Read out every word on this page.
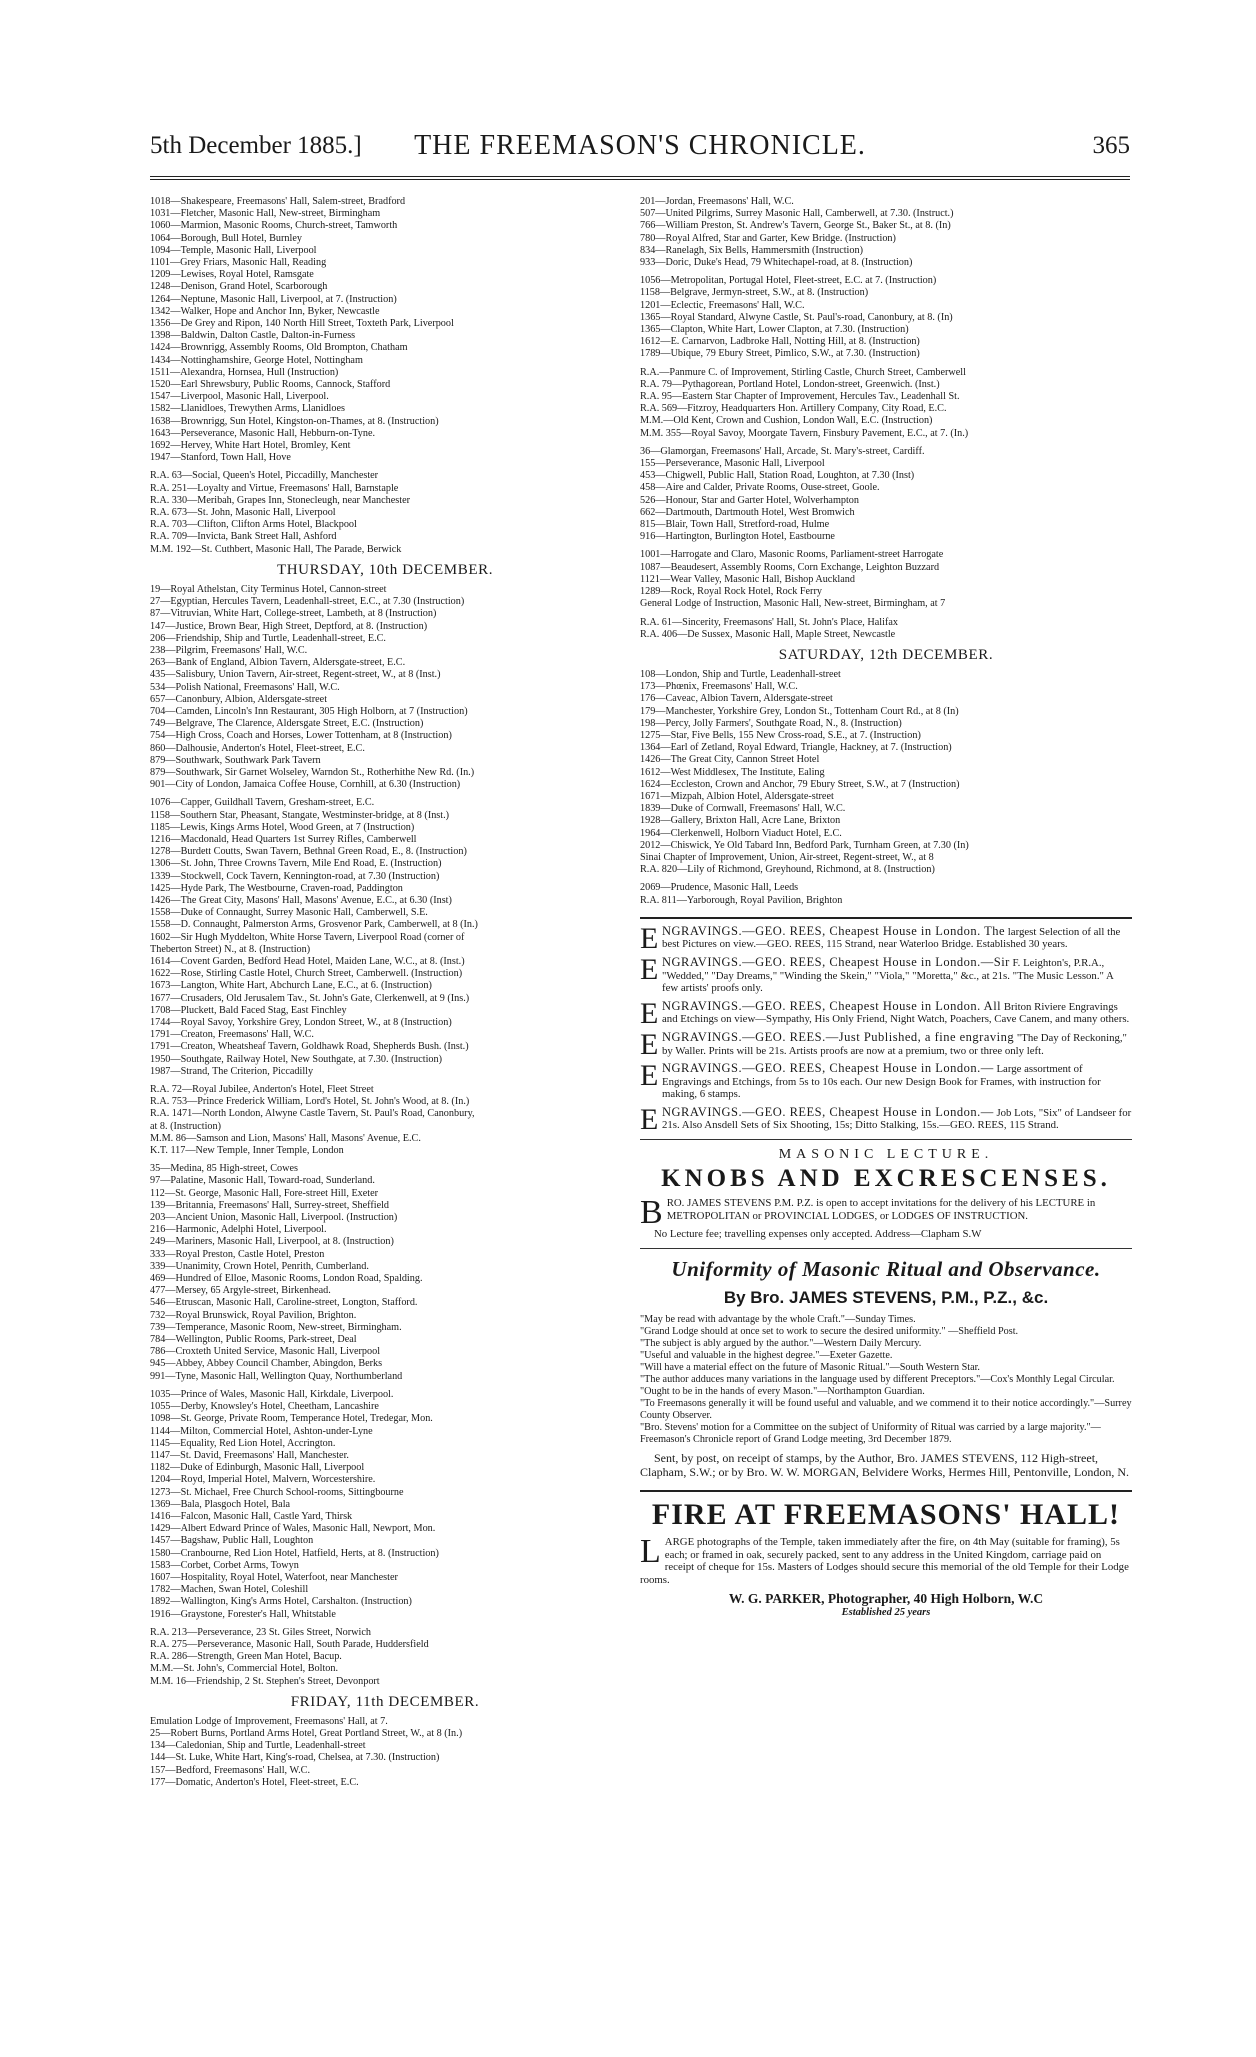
5th December 1885.]	THE FREEMASON'S CHRONICLE.	365
1018—Shakespeare, Freemasons' Hall, Salem-street, Bradford
1031—Fletcher, Masonic Hall, New-street, Birmingham
1060—Marmion, Masonic Rooms, Church-street, Tamworth
1064—Borough, Bull Hotel, Burnley
1094—Temple, Masonic Hall, Liverpool
1101—Grey Friars, Masonic Hall, Reading
1209—Lewises, Royal Hotel, Ramsgate
1248—Denison, Grand Hotel, Scarborough
1264—Neptune, Masonic Hall, Liverpool, at 7. (Instruction)
1342—Walker, Hope and Anchor Inn, Byker, Newcastle
1356—De Grey and Ripon, 140 North Hill Street, Toxteth Park, Liverpool
1398—Baldwin, Dalton Castle, Dalton-in-Furness
1424—Brownrigg, Assembly Rooms, Old Brompton, Chatham
1434—Nottinghamshire, George Hotel, Nottingham
1511—Alexandra, Hornsea, Hull (Instruction)
1520—Earl Shrewsbury, Public Rooms, Cannock, Stafford
1547—Liverpool, Masonic Hall, Liverpool.
1582—Llanidloes, Trewythen Arms, Llanidloes
1638—Brownrigg, Sun Hotel, Kingston-on-Thames, at 8. (Instruction)
1643—Perseverance, Masonic Hall, Hebburn-on-Tyne.
1692—Hervey, White Hart Hotel, Bromley, Kent
1947—Stanford, Town Hall, Hove
R.A. 63—Social, Queen's Hotel, Piccadilly, Manchester
R.A. 251—Loyalty and Virtue, Freemasons' Hall, Barnstaple
R.A. 330—Meribah, Grapes Inn, Stonecleugh, near Manchester
R.A. 673—St. John, Masonic Hall, Liverpool
R.A. 703—Clifton, Clifton Arms Hotel, Blackpool
R.A. 709—Invicta, Bank Street Hall, Ashford
M.M. 192—St. Cuthbert, Masonic Hall, The Parade, Berwick
THURSDAY, 10th DECEMBER.
19—Royal Athelstan, City Terminus Hotel, Cannon-street
27—Egyptian, Hercules Tavern, Leadenhall-street, E.C., at 7.30 (Instruction)
87—Vitruvian, White Hart, College-street, Lambeth, at 8 (Instruction)
147—Justice, Brown Bear, High Street, Deptford, at 8. (Instruction)
206—Friendship, Ship and Turtle, Leadenhall-street, E.C.
238—Pilgrim, Freemasons' Hall, W.C.
263—Bank of England, Albion Tavern, Aldersgate-street, E.C.
435—Salisbury, Union Tavern, Air-street, Regent-street, W., at 8 (Inst.)
534—Polish National, Freemasons' Hall, W.C.
657—Canonbury, Albion, Aldersgate-street
704—Camden, Lincoln's Inn Restaurant, 305 High Holborn, at 7 (Instruction)
749—Belgrave, The Clarence, Aldersgate Street, E.C. (Instruction)
754—High Cross, Coach and Horses, Lower Tottenham, at 8 (Instruction)
860—Dalhousie, Anderton's Hotel, Fleet-street, E.C.
879—Southwark, Southwark Park Tavern
879—Southwark, Sir Garnet Wolseley, Warndon St., Rotherhithe New Rd. (In.)
901—City of London, Jamaica Coffee House, Cornhill, at 6.30 (Instruction)
1076—Capper, Guildhall Tavern, Gresham-street, E.C.
1158—Southern Star, Pheasant, Stangate, Westminster-bridge, at 8 (Inst.)
1185—Lewis, Kings Arms Hotel, Wood Green, at 7 (Instruction)
1216—Macdonald, Head Quarters 1st Surrey Rifles, Camberwell
1278—Burdett Coutts, Swan Tavern, Bethnal Green Road, E., 8. (Instruction)
1306—St. John, Three Crowns Tavern, Mile End Road, E. (Instruction)
1339—Stockwell, Cock Tavern, Kennington-road, at 7.30 (Instruction)
1425—Hyde Park, The Westbourne, Craven-road, Paddington
1426—The Great City, Masons' Hall, Masons' Avenue, E.C., at 6.30 (Inst)
1558—Duke of Connaught, Surrey Masonic Hall, Camberwell, S.E.
1558—D. Connaught, Palmerston Arms, Grosvenor Park, Camberwell, at 8 (In.)
1602—Sir Hugh Myddelton, White Horse Tavern, Liverpool Road (corner of
Theberton Street) N., at 8. (Instruction)
1614—Covent Garden, Bedford Head Hotel, Maiden Lane, W.C., at 8. (Inst.)
1622—Rose, Stirling Castle Hotel, Church Street, Camberwell. (Instruction)
1673—Langton, White Hart, Abchurch Lane, E.C., at 6. (Instruction)
1677—Crusaders, Old Jerusalem Tav., St. John's Gate, Clerkenwell, at 9 (Ins.)
1708—Pluckett, Bald Faced Stag, East Finchley
1744—Royal Savoy, Yorkshire Grey, London Street, W., at 8 (Instruction)
1791—Creaton, Freemasons' Hall, W.C.
1791—Creaton, Wheatsheaf Tavern, Goldhawk Road, Shepherds Bush. (Inst.)
1950—Southgate, Railway Hotel, New Southgate, at 7.30. (Instruction)
1987—Strand, The Criterion, Piccadilly
R.A. 72—Royal Jubilee, Anderton's Hotel, Fleet Street
R.A. 753—Prince Frederick William, Lord's Hotel, St. John's Wood, at 8. (In.)
R.A. 1471—North London, Alwyne Castle Tavern, St. Paul's Road, Canonbury,
at 8. (Instruction)
M.M. 86—Samson and Lion, Masons' Hall, Masons' Avenue, E.C.
K.T. 117—New Temple, Inner Temple, London
35—Medina, 85 High-street, Cowes
97—Palatine, Masonic Hall, Toward-road, Sunderland.
112—St. George, Masonic Hall, Fore-street Hill, Exeter
139—Britannia, Freemasons' Hall, Surrey-street, Sheffield
203—Ancient Union, Masonic Hall, Liverpool. (Instruction)
216—Harmonic, Adelphi Hotel, Liverpool.
249—Mariners, Masonic Hall, Liverpool, at 8. (Instruction)
333—Royal Preston, Castle Hotel, Preston
339—Unanimity, Crown Hotel, Penrith, Cumberland.
469—Hundred of Elloe, Masonic Rooms, London Road, Spalding.
477—Mersey, 65 Argyle-street, Birkenhead.
546—Etruscan, Masonic Hall, Caroline-street, Longton, Stafford.
732—Royal Brunswick, Royal Pavilion, Brighton.
739—Temperance, Masonic Room, New-street, Birmingham.
784—Wellington, Public Rooms, Park-street, Deal
786—Croxteth United Service, Masonic Hall, Liverpool
945—Abbey, Abbey Council Chamber, Abingdon, Berks
991—Tyne, Masonic Hall, Wellington Quay, Northumberland
1035—Prince of Wales, Masonic Hall, Kirkdale, Liverpool.
1055—Derby, Knowsley's Hotel, Cheetham, Lancashire
1098—St. George, Private Room, Temperance Hotel, Tredegar, Mon.
1144—Milton, Commercial Hotel, Ashton-under-Lyne
1145—Equality, Red Lion Hotel, Accrington.
1147—St. David, Freemasons' Hall, Manchester.
1182—Duke of Edinburgh, Masonic Hall, Liverpool
1204—Royd, Imperial Hotel, Malvern, Worcestershire.
1273—St. Michael, Free Church School-rooms, Sittingbourne
1369—Bala, Plasgoch Hotel, Bala
1416—Falcon, Masonic Hall, Castle Yard, Thirsk
1429—Albert Edward Prince of Wales, Masonic Hall, Newport, Mon.
1457—Bagshaw, Public Hall, Loughton
1580—Cranbourne, Red Lion Hotel, Hatfield, Herts, at 8. (Instruction)
1583—Corbet, Corbet Arms, Towyn
1607—Hospitality, Royal Hotel, Waterfoot, near Manchester
1782—Machen, Swan Hotel, Coleshill
1892—Wallington, King's Arms Hotel, Carshalton. (Instruction)
1916—Graystone, Forester's Hall, Whitstable
R.A. 213—Perseverance, 23 St. Giles Street, Norwich
R.A. 275—Perseverance, Masonic Hall, South Parade, Huddersfield
R.A. 286—Strength, Green Man Hotel, Bacup.
M.M.—St. John's, Commercial Hotel, Bolton.
M.M. 16—Friendship, 2 St. Stephen's Street, Devonport
FRIDAY, 11th DECEMBER.
Emulation Lodge of Improvement, Freemasons' Hall, at 7.
25—Robert Burns, Portland Arms Hotel, Great Portland Street, W., at 8 (In.)
134—Caledonian, Ship and Turtle, Leadenhall-street
144—St. Luke, White Hart, King's-road, Chelsea, at 7.30. (Instruction)
157—Bedford, Freemasons' Hall, W.C.
177—Domatic, Anderton's Hotel, Fleet-street, E.C.
201—Jordan, Freemasons' Hall, W.C.
507—United Pilgrims, Surrey Masonic Hall, Camberwell, at 7.30. (Instruct.)
766—William Preston, St. Andrew's Tavern, George St., Baker St., at 8. (In)
780—Royal Alfred, Star and Garter, Kew Bridge. (Instruction)
834—Ranelagh, Six Bells, Hammersmith (Instruction)
933—Doric, Duke's Head, 79 Whitechapel-road, at 8. (Instruction)
1056—Metropolitan, Portugal Hotel, Fleet-street, E.C. at 7. (Instruction)
1158—Belgrave, Jermyn-street, S.W., at 8. (Instruction)
1201—Eclectic, Freemasons' Hall, W.C.
1365—Royal Standard, Alwyne Castle, St. Paul's-road, Canonbury, at 8. (In)
1365—Clapton, White Hart, Lower Clapton, at 7.30. (Instruction)
1612—E. Carnarvon, Ladbroke Hall, Notting Hill, at 8. (Instruction)
1789—Ubique, 79 Ebury Street, Pimlico, S.W., at 7.30. (Instruction)
R.A.—Panmure C. of Improvement, Stirling Castle, Church Street, Camberwell
R.A. 79—Pythagorean, Portland Hotel, London-street, Greenwich. (Inst.)
R.A. 95—Eastern Star Chapter of Improvement, Hercules Tav., Leadenhall St.
R.A. 569—Fitzroy, Headquarters Hon. Artillery Company, City Road, E.C.
M.M.—Old Kent, Crown and Cushion, London Wall, E.C. (Instruction)
M.M. 355—Royal Savoy, Moorgate Tavern, Finsbury Pavement, E.C., at 7. (In.)
36—Glamorgan, Freemasons' Hall, Arcade, St. Mary's-street, Cardiff.
155—Perseverance, Masonic Hall, Liverpool
453—Chigwell, Public Hall, Station Road, Loughton, at 7.30 (Inst)
458—Aire and Calder, Private Rooms, Ouse-street, Goole.
526—Honour, Star and Garter Hotel, Wolverhampton
662—Dartmouth, Dartmouth Hotel, West Bromwich
815—Blair, Town Hall, Stretford-road, Hulme
916—Hartington, Burlington Hotel, Eastbourne
1001—Harrogate and Claro, Masonic Rooms, Parliament-street Harrogate
1087—Beaudesert, Assembly Rooms, Corn Exchange, Leighton Buzzard
1121—Wear Valley, Masonic Hall, Bishop Auckland
1289—Rock, Royal Rock Hotel, Rock Ferry
General Lodge of Instruction, Masonic Hall, New-street, Birmingham, at 7
R.A. 61—Sincerity, Freemasons' Hall, St. John's Place, Halifax
R.A. 406—De Sussex, Masonic Hall, Maple Street, Newcastle
SATURDAY, 12th DECEMBER.
108—London, Ship and Turtle, Leadenhall-street
173—Phœnix, Freemasons' Hall, W.C.
176—Caveac, Albion Tavern, Aldersgate-street
179—Manchester, Yorkshire Grey, London St., Tottenham Court Rd., at 8 (In)
198—Percy, Jolly Farmers', Southgate Road, N., 8. (Instruction)
1275—Star, Five Bells, 155 New Cross-road, S.E., at 7. (Instruction)
1364—Earl of Zetland, Royal Edward, Triangle, Hackney, at 7. (Instruction)
1426—The Great City, Cannon Street Hotel
1612—West Middlesex, The Institute, Ealing
1624—Eccleston, Crown and Anchor, 79 Ebury Street, S.W., at 7 (Instruction)
1671—Mizpah, Albion Hotel, Aldersgate-street
1839—Duke of Cornwall, Freemasons' Hall, W.C.
1928—Gallery, Brixton Hall, Acre Lane, Brixton
1964—Clerkenwell, Holborn Viaduct Hotel, E.C.
2012—Chiswick, Ye Old Tabard Inn, Bedford Park, Turnham Green, at 7.30 (In)
Sinai Chapter of Improvement, Union, Air-street, Regent-street, W., at 8
R.A. 820—Lily of Richmond, Greyhound, Richmond, at 8. (Instruction)
2069—Prudence, Masonic Hall, Leeds
R.A. 811—Yarborough, Royal Pavilion, Brighton
E NGRAVINGS.—GEO. REES, Cheapest House in London. The largest Selection of all the best Pictures on view.—GEO. REES, 115 Strand, near Waterloo Bridge. Established 30 years.
E NGRAVINGS.—GEO. REES, Cheapest House in London.—Sir F. Leighton's, P.R.A., "Wedded," "Day Dreams," "Winding the Skein," "Viola," "Moretta," &c., at 21s. "The Music Lesson." A few artists' proofs only.
E NGRAVINGS.—GEO. REES, Cheapest House in London. All Briton Riviere Engravings and Etchings on view—Sympathy, His Only Friend, Night Watch, Poachers, Cave Canem, and many others.
E NGRAVINGS.—GEO. REES.—Just Published, a fine engraving "The Day of Reckoning," by Waller. Prints will be 21s. Artists proofs are now at a premium, two or three only left.
E NGRAVINGS.—GEO. REES, Cheapest House in London.— Large assortment of Engravings and Etchings, from 5s to 10s each. Our new Design Book for Frames, with instruction for making, 6 stamps.
E NGRAVINGS.—GEO. REES, Cheapest House in London.— Job Lots, "Six" of Landseer for 21s. Also Ansdell Sets of Six Shooting, 15s; Ditto Stalking, 15s.—GEO. REES, 115 Strand.
MASONIC LECTURE.
KNOBS AND EXCRESCENSES.
B RO. JAMES STEVENS P.M. P.Z. is open to accept invitations for the delivery of his LECTURE in METROPOLITAN or PROVINCIAL LODGES, or LODGES OF INSTRUCTION.
No Lecture fee; travelling expenses only accepted. Address—Clapham S.W
Uniformity of Masonic Ritual and Observance.
By Bro. JAMES STEVENS, P.M., P.Z., &c.
"May be read with advantage by the whole Craft."—Sunday Times.
"Grand Lodge should at once set to work to secure the desired uniformity." —Sheffield Post.
"The subject is ably argued by the author."—Western Daily Mercury.
"Useful and valuable in the highest degree."—Exeter Gazette.
"Will have a material effect on the future of Masonic Ritual."—South Western Star.
"The author adduces many variations in the language used by different Preceptors."—Cox's Monthly Legal Circular.
"Ought to be in the hands of every Mason."—Northampton Guardian.
"To Freemasons generally it will be found useful and valuable, and we commend it to their notice accordingly."—Surrey County Observer.
"Bro. Stevens' motion for a Committee on the subject of Uniformity of Ritual was carried by a large majority."—Freemason's Chronicle report of Grand Lodge meeting, 3rd December 1879.
Sent, by post, on receipt of stamps, by the Author, Bro. JAMES STEVENS, 112 High-street, Clapham, S.W.; or by Bro. W. W. MORGAN, Belvidere Works, Hermes Hill, Pentonville, London, N.
FIRE AT FREEMASONS' HALL!
L ARGE photographs of the Temple, taken immediately after the fire, on 4th May (suitable for framing), 5s each; or framed in oak, securely packed, sent to any address in the United Kingdom, carriage paid on receipt of cheque for 15s. Masters of Lodges should secure this memorial of the old Temple for their Lodge rooms.
W. G. PARKER, Photographer, 40 High Holborn, W.C
Established 25 years
